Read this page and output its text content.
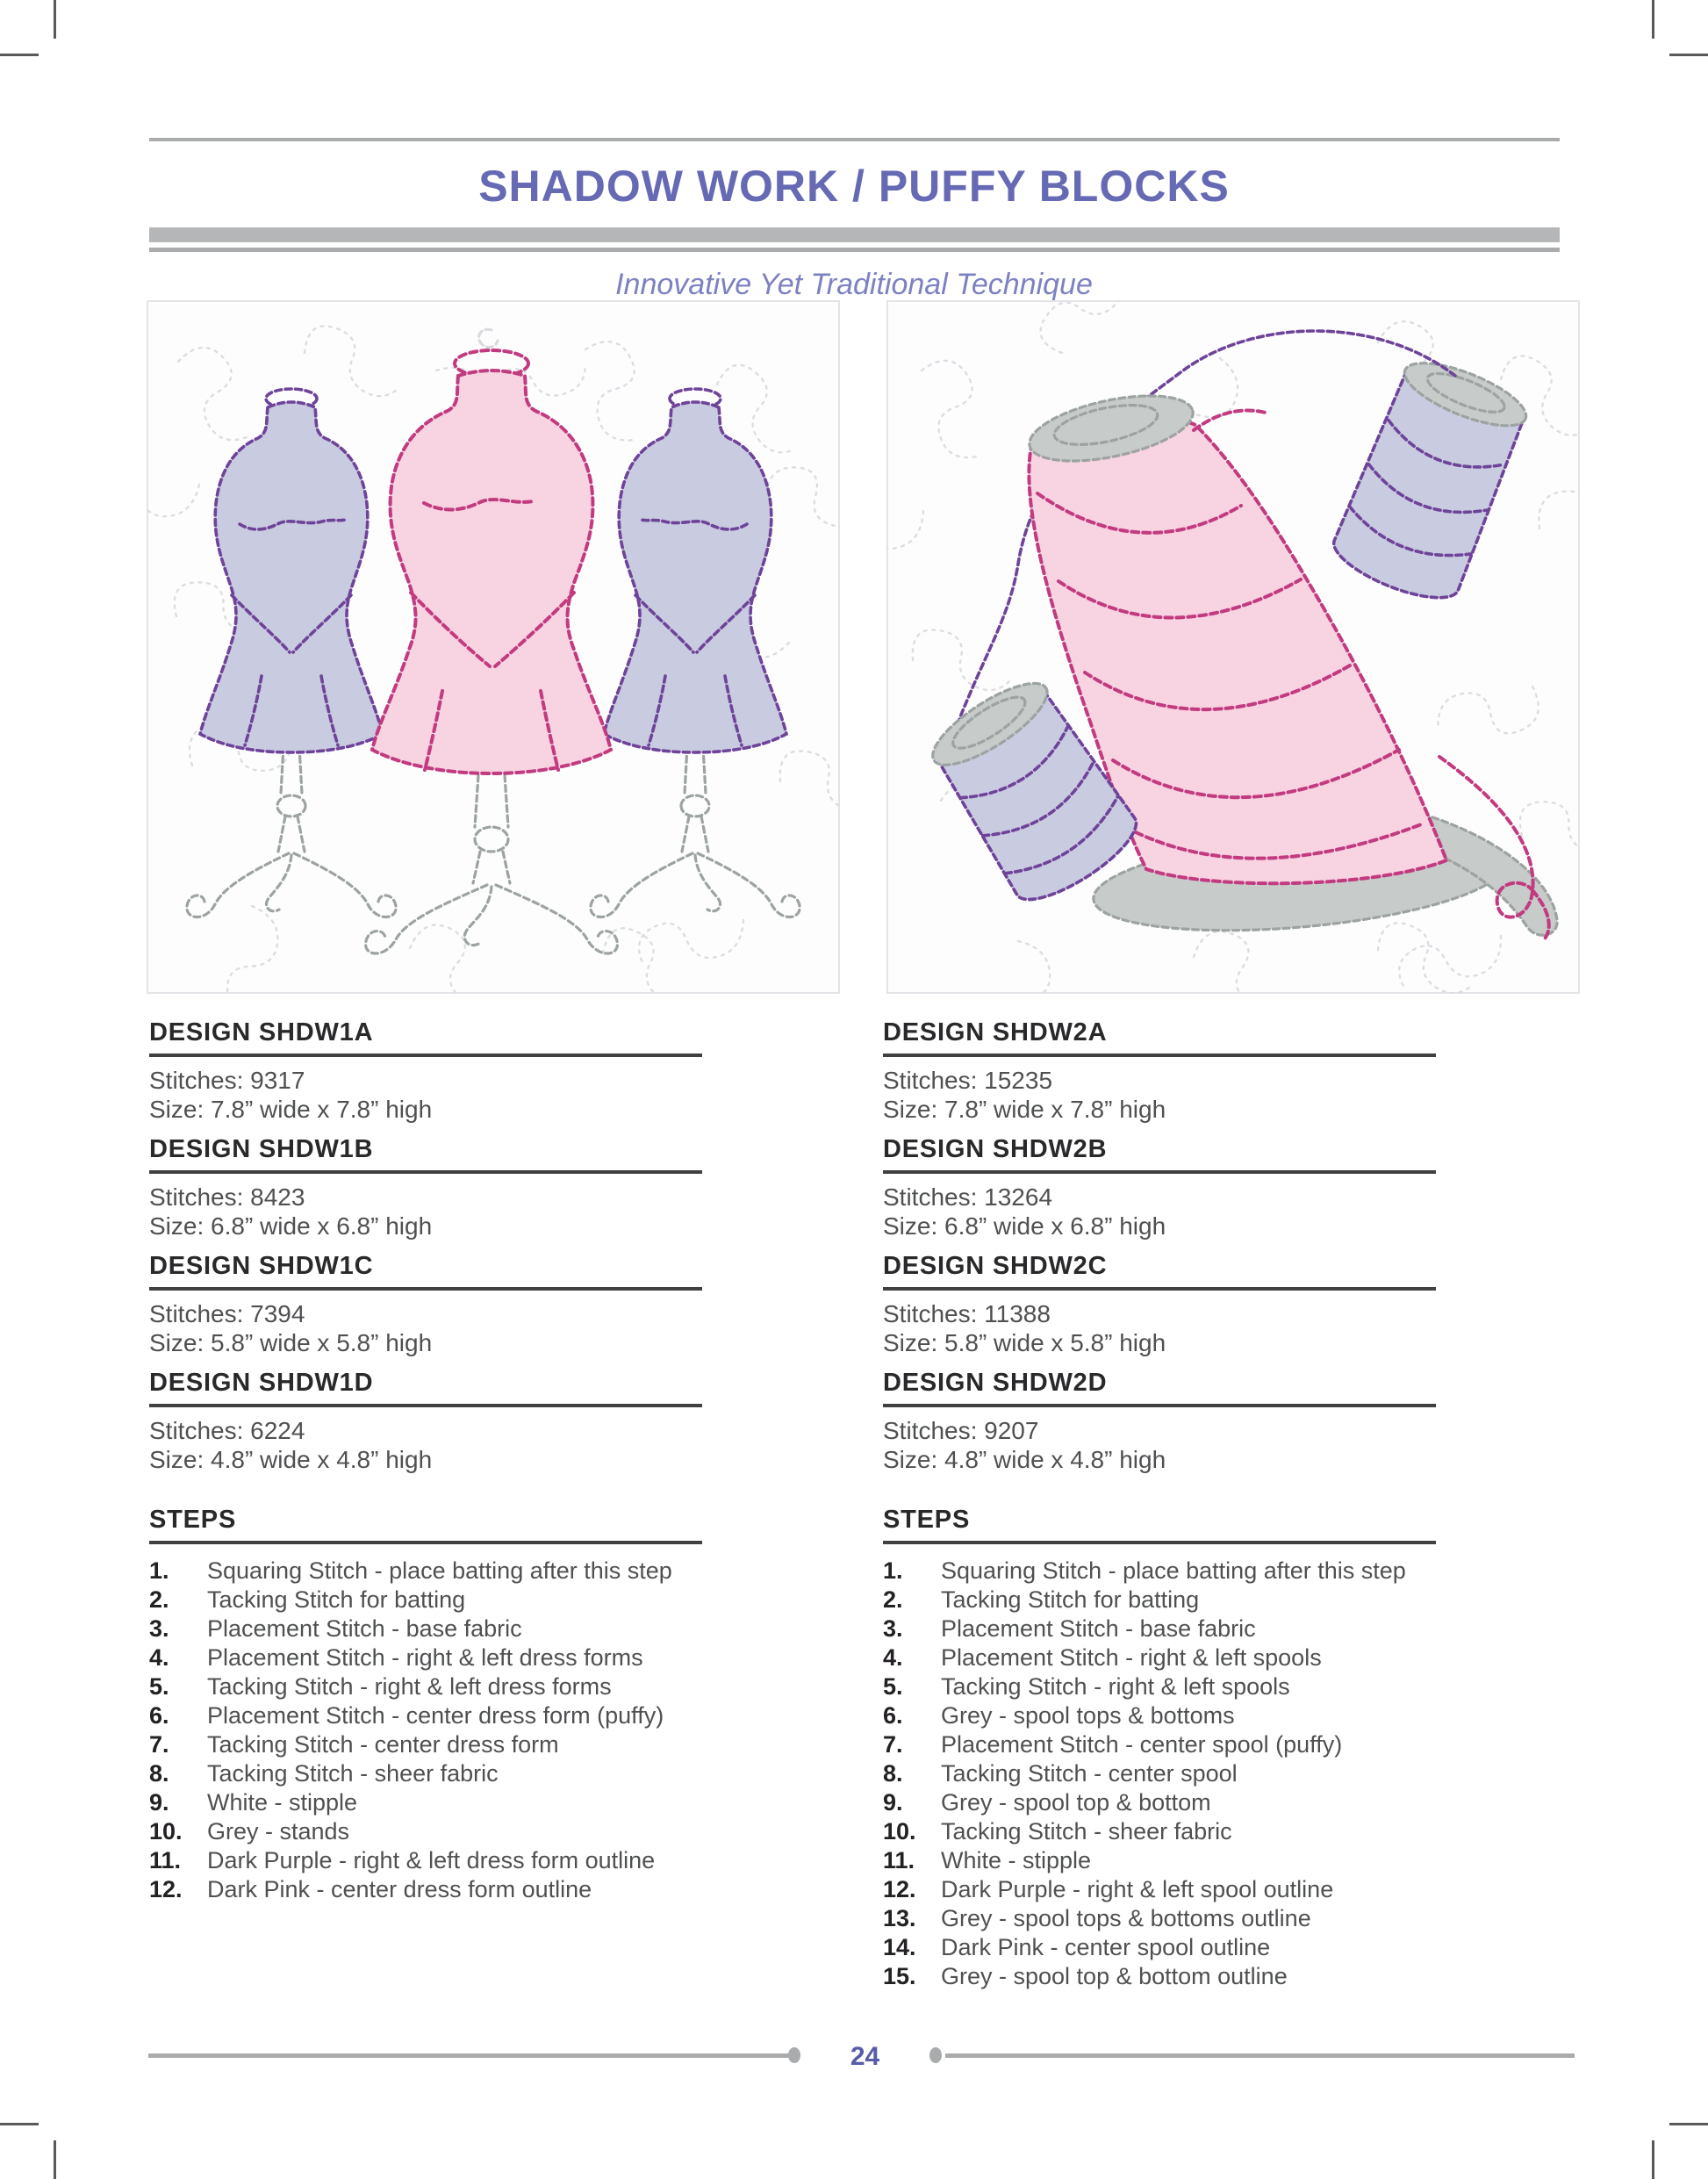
SHADOW WORK / PUFFY BLOCKS
Innovative Yet Traditional Technique
DESIGN SHDW1A
Stitches: 9317
Size: 7.8” wide x 7.8” high
DESIGN SHDW1B
Stitches: 8423
Size: 6.8” wide x 6.8” high
DESIGN SHDW1C
Stitches: 7394
Size: 5.8” wide x 5.8” high
DESIGN SHDW1D
Stitches: 6224
Size: 4.8” wide x 4.8” high
STEPS
1.	Squaring Stitch - place batting after this step
2.	Tacking Stitch for batting
3.	Placement Stitch - base fabric
4.	Placement Stitch - right & left dress forms
5.	Tacking Stitch - right & left dress forms
6.	Placement Stitch - center dress form (puffy)
7.	Tacking Stitch - center dress form
8.	Tacking Stitch - sheer fabric
9.	White - stipple
10.	Grey - stands
11.	Dark Purple - right & left dress form outline
12.	Dark Pink - center dress form outline
DESIGN SHDW2A
Stitches: 15235
Size: 7.8” wide x 7.8” high
DESIGN SHDW2B
Stitches: 13264
Size: 6.8” wide x 6.8” high
DESIGN SHDW2C
Stitches: 11388
Size: 5.8” wide x 5.8” high
DESIGN SHDW2D
Stitches: 9207
Size: 4.8” wide x 4.8” high
STEPS
1.	Squaring Stitch - place batting after this step
2.	Tacking Stitch for batting
3.	Placement Stitch - base fabric
4.	Placement Stitch - right & left spools
5.	Tacking Stitch - right & left spools
6.	Grey - spool tops & bottoms
7.	Placement Stitch - center spool (puffy)
8.	Tacking Stitch - center spool
9.	Grey - spool top & bottom
10.	Tacking Stitch - sheer fabric
11.	White - stipple
12.	Dark Purple - right & left spool outline
13.	Grey - spool tops & bottoms outline
14.	Dark Pink - center spool outline
15.	Grey - spool top & bottom outline
24
